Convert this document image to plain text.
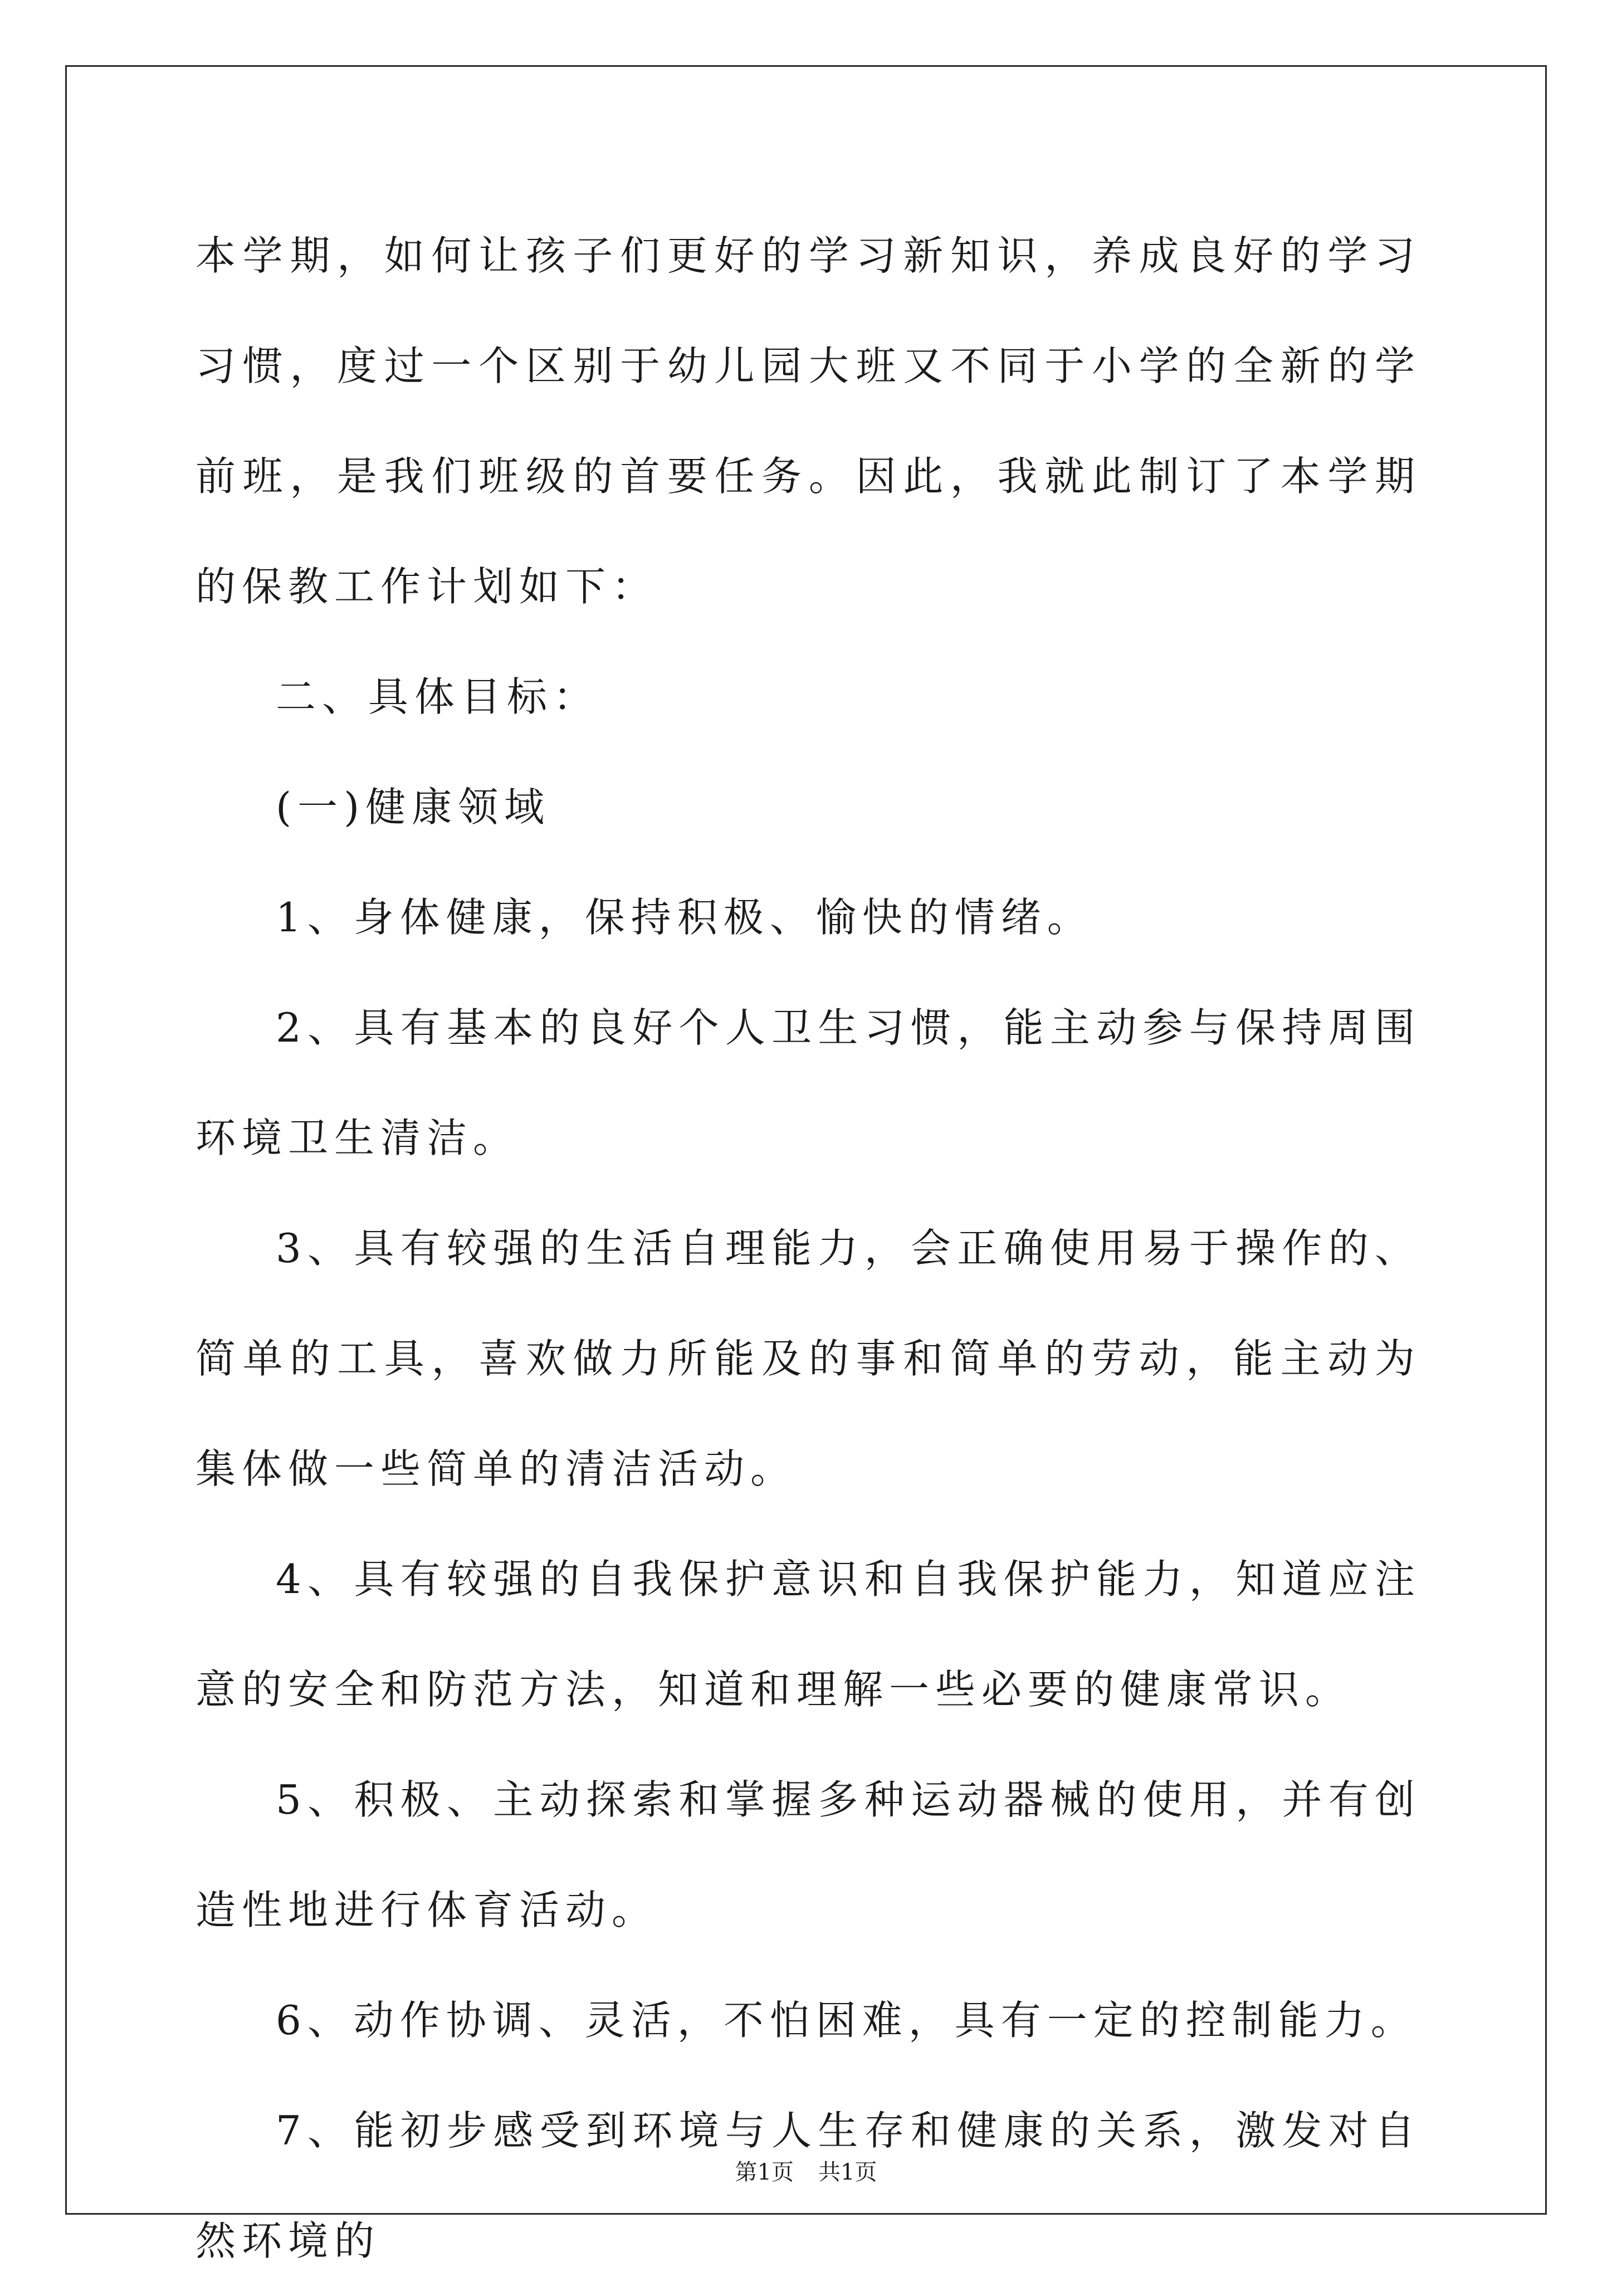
本学期，如何让孩子们更好的学习新知识，养成良好的学习习惯，度过一个区别于幼儿园大班又不同于小学的全新的学前班，是我们班级的首要任务。因此，我就此制订了本学期的保教工作计划如下：

二、具体目标：

(一)健康领域

1、身体健康，保持积极、愉快的情绪。

2、具有基本的良好个人卫生习惯，能主动参与保持周围环境卫生清洁。

3、具有较强的生活自理能力，会正确使用易于操作的、简单的工具，喜欢做力所能及的事和简单的劳动，能主动为集体做一些简单的清洁活动。

4、具有较强的自我保护意识和自我保护能力，知道应注意的安全和防范方法，知道和理解一些必要的健康常识。

5、积极、主动探索和掌握多种运动器械的使用，并有创造性地进行体育活动。

6、动作协调、灵活，不怕困难，具有一定的控制能力。

7、能初步感受到环境与人生存和健康的关系，激发对自然环境的

第1页 共1页
